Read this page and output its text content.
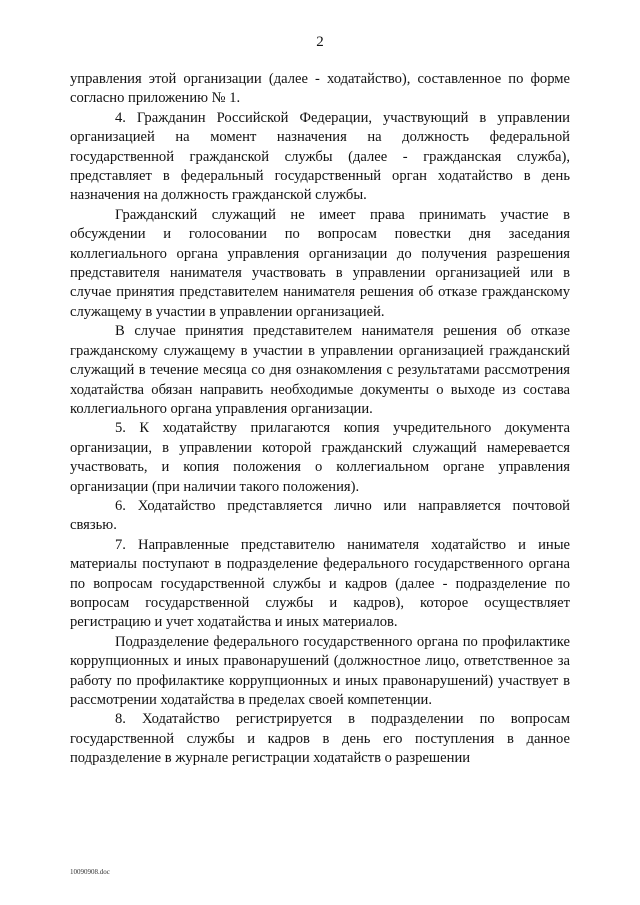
2

управления этой организации (далее - ходатайство), составленное по форме согласно приложению № 1.

4. Гражданин Российской Федерации, участвующий в управлении организацией на момент назначения на должность федеральной государственной гражданской службы (далее - гражданская служба), представляет в федеральный государственный орган ходатайство в день назначения на должность гражданской службы.

Гражданский служащий не имеет права принимать участие в обсуждении и голосовании по вопросам повестки дня заседания коллегиального органа управления организации до получения разрешения представителя нанимателя участвовать в управлении организацией или в случае принятия представителем нанимателя решения об отказе гражданскому служащему в участии в управлении организацией.

В случае принятия представителем нанимателя решения об отказе гражданскому служащему в участии в управлении организацией гражданский служащий в течение месяца со дня ознакомления с результатами рассмотрения ходатайства обязан направить необходимые документы о выходе из состава коллегиального органа управления организации.

5. К ходатайству прилагаются копия учредительного документа организации, в управлении которой гражданский служащий намеревается участвовать, и копия положения о коллегиальном органе управления организации (при наличии такого положения).

6. Ходатайство представляется лично или направляется почтовой связью.

7. Направленные представителю нанимателя ходатайство и иные материалы поступают в подразделение федерального государственного органа по вопросам государственной службы и кадров (далее - подразделение по вопросам государственной службы и кадров), которое осуществляет регистрацию и учет ходатайства и иных материалов.

Подразделение федерального государственного органа по профилактике коррупционных и иных правонарушений (должностное лицо, ответственное за работу по профилактике коррупционных и иных правонарушений) участвует в рассмотрении ходатайства в пределах своей компетенции.

8. Ходатайство регистрируется в подразделении по вопросам государственной службы и кадров в день его поступления в данное подразделение в журнале регистрации ходатайств о разрешении

10090908.doc
